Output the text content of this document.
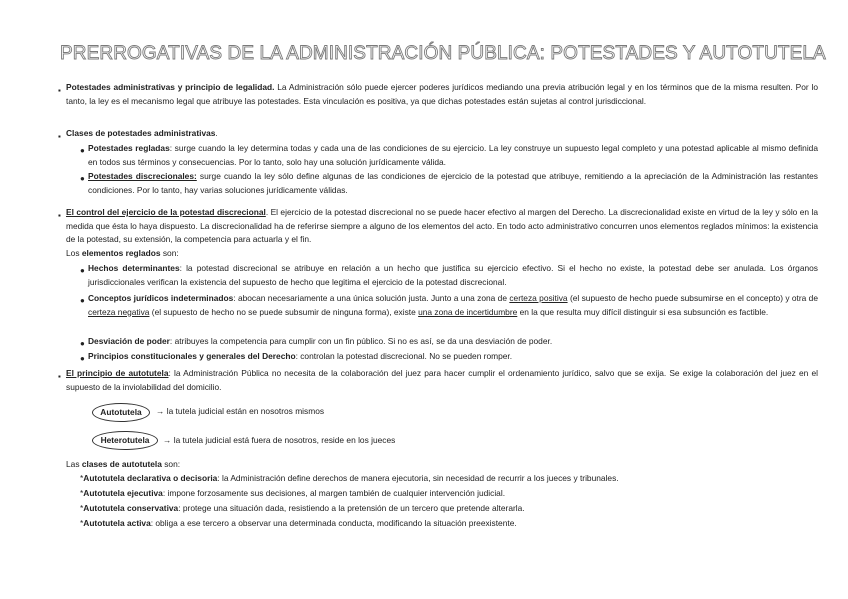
PRERROGATIVAS DE LA ADMINISTRACIÓN PÚBLICA: POTESTADES Y AUTOTUTELA
▪ Potestades administrativas y principio de legalidad. La Administración sólo puede ejercer poderes jurídicos mediando una previa atribución legal y en los términos que de la misma resulten. Por lo tanto, la ley es el mecanismo legal que atribuye las potestades. Esta vinculación es positiva, ya que dichas potestades están sujetas al control jurisdiccional.
▪ Clases de potestades administrativas.
● Potestades regladas: surge cuando la ley determina todas y cada una de las condiciones de su ejercicio. La ley construye un supuesto legal completo y una potestad aplicable al mismo definida en todos sus términos y consecuencias. Por lo tanto, solo hay una solución jurídicamente válida.
● Potestades discrecionales: surge cuando la ley sólo define algunas de las condiciones de ejercicio de la potestad que atribuye, remitiendo a la apreciación de la Administración las restantes condiciones. Por lo tanto, hay varias soluciones jurídicamente válidas.
▪ El control del ejercicio de la potestad discrecional. El ejercicio de la potestad discrecional no se puede hacer efectivo al margen del Derecho. La discrecionalidad existe en virtud de la ley y sólo en la medida que ésta lo haya dispuesto. La discrecionalidad ha de referirse siempre a alguno de los elementos del acto. En todo acto administrativo concurren unos elementos reglados mínimos: la existencia de la potestad, su extensión, la competencia para actuarla y el fin.
Los elementos reglados son:
● Hechos determinantes: la potestad discrecional se atribuye en relación a un hecho que justifica su ejercicio efectivo. Si el hecho no existe, la potestad debe ser anulada. Los órganos jurisdiccionales verifican la existencia del supuesto de hecho que legitima el ejercicio de la potestad discrecional.
● Conceptos jurídicos indeterminados: abocan necesariamente a una única solución justa. Junto a una zona de certeza positiva (el supuesto de hecho puede subsumirse en el concepto) y otra de certeza negativa (el supuesto de hecho no se puede subsumir de ninguna forma), existe una zona de incertidumbre en la que resulta muy difícil distinguir si esa subsunción es factible.
● Desviación de poder: atribuyes la competencia para cumplir con un fin público. Si no es así, se da una desviación de poder.
● Principios constitucionales y generales del Derecho: controlan la potestad discrecional. No se pueden romper.
▪ El principio de autotutela: la Administración Pública no necesita de la colaboración del juez para hacer cumplir el ordenamiento jurídico, salvo que se exija. Se exige la colaboración del juez en el supuesto de la inviolabilidad del domicilio.
Autotutela	→ la tutela judicial están en nosotros mismos
Heterotutela	→ la tutela judicial está fuera de nosotros, reside en los jueces
Las clases de autotutela son:
*Autotutela declarativa o decisoria: la Administración define derechos de manera ejecutoria, sin necesidad de recurrir a los jueces y tribunales.
*Autotutela ejecutiva: impone forzosamente sus decisiones, al margen también de cualquier intervención judicial.
*Autotutela conservativa: protege una situación dada, resistiendo a la pretensión de un tercero que pretende alterarla.
*Autotutela activa: obliga a ese tercero a observar una determinada conducta, modificando la situación preexistente.
